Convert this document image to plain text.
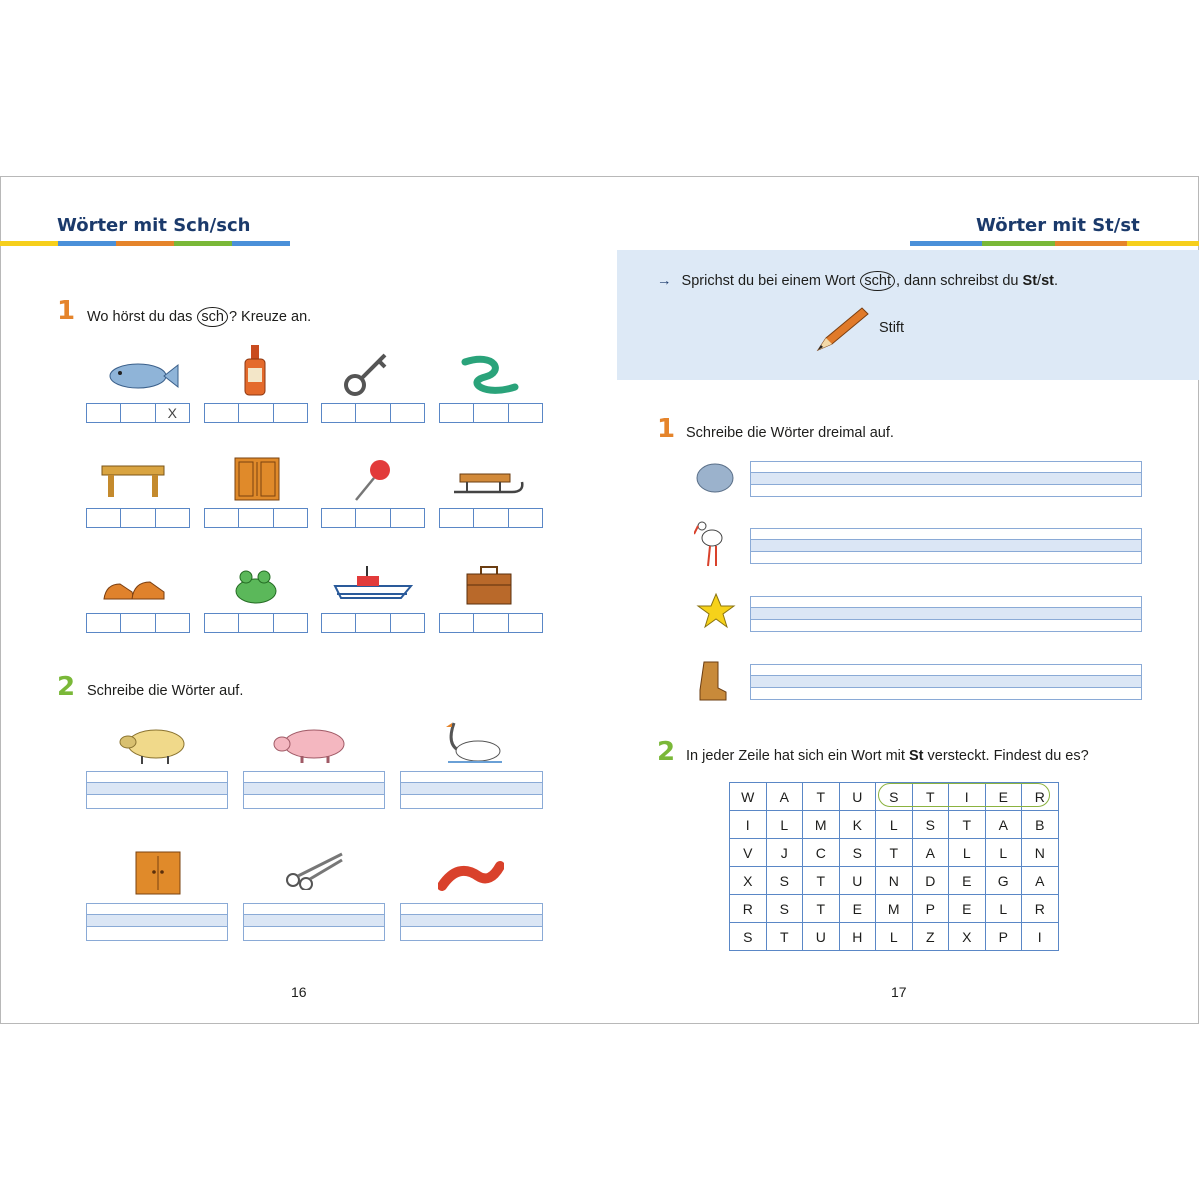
Wörter mit Sch/sch
1 Wo hörst du das sch ? Kreuze an.
X
2 Schreibe die Wörter auf.
16
Wörter mit St/st
→ Sprichst du bei einem Wort scht , dann schreibst du St/st.
Stift
1 Schreibe die Wörter dreimal auf.
2 In jeder Zeile hat sich ein Wort mit St versteckt. Findest du es?
W	A	T	U	S	T	I	E	R
I	L	M	K	L	S	T	A	B
V	J	C	S	T	A	L	L	N
X	S	T	U	N	D	E	G	A
R	S	T	E	M	P	E	L	R
S	T	U	H	L	Z	X	P	I
17
